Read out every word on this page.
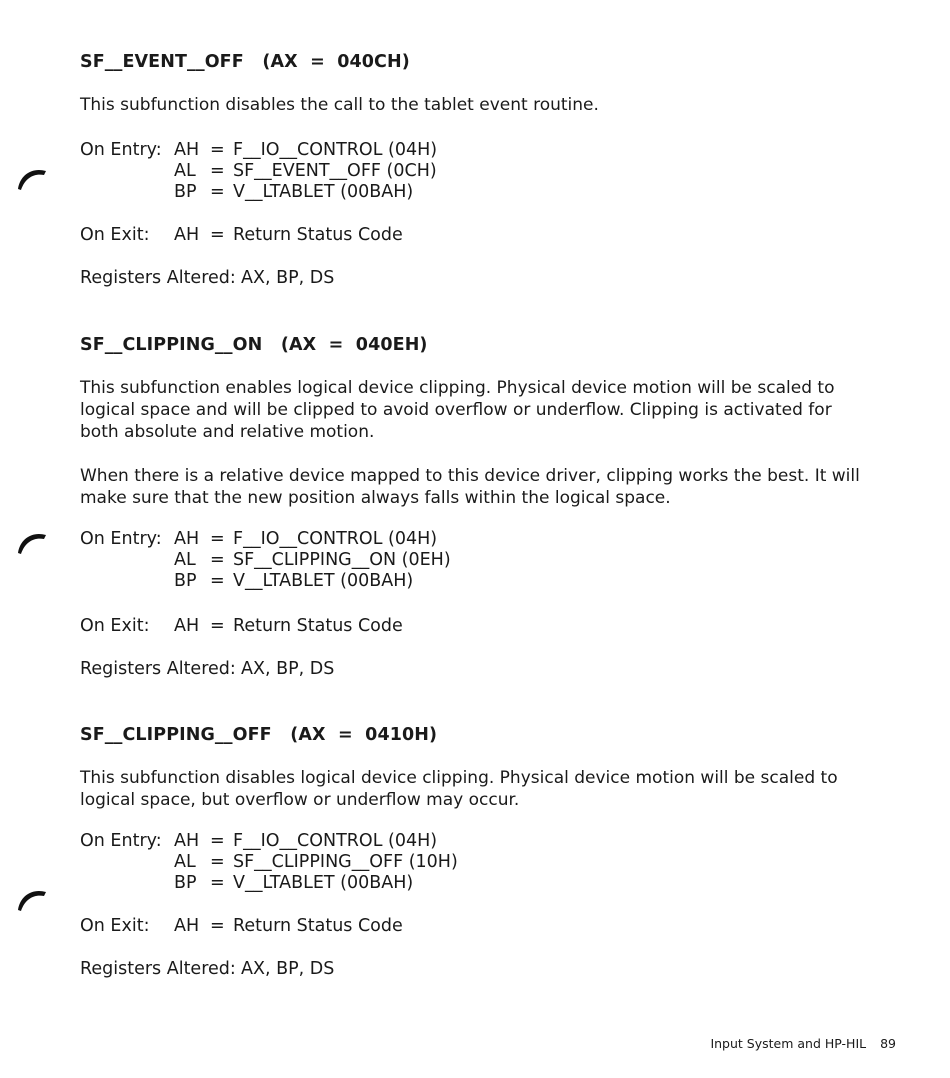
SF__EVENT__OFF   (AX  =  040CH)
This subfunction disables the call to the tablet event routine.
On Entry: AH = F__IO__CONTROL (04H)
AL = SF__EVENT__OFF (0CH)
BP = V__LTABLET (00BAH)
On Exit: AH = Return Status Code
Registers Altered: AX, BP, DS
SF__CLIPPING__ON   (AX  =  040EH)
This subfunction enables logical device clipping. Physical device motion will be scaled to logical space and will be clipped to avoid overflow or underflow. Clipping is activated for both absolute and relative motion.
When there is a relative device mapped to this device driver, clipping works the best. It will make sure that the new position always falls within the logical space.
On Entry: AH = F__IO__CONTROL (04H)
AL = SF__CLIPPING__ON (0EH)
BP = V__LTABLET (00BAH)
On Exit: AH = Return Status Code
Registers Altered: AX, BP, DS
SF__CLIPPING__OFF   (AX  =  0410H)
This subfunction disables logical device clipping. Physical device motion will be scaled to logical space, but overflow or underflow may occur.
On Entry: AH = F__IO__CONTROL (04H)
AL = SF__CLIPPING__OFF (10H)
BP = V__LTABLET (00BAH)
On Exit: AH = Return Status Code
Registers Altered: AX, BP, DS
Input System and HP-HIL 89
